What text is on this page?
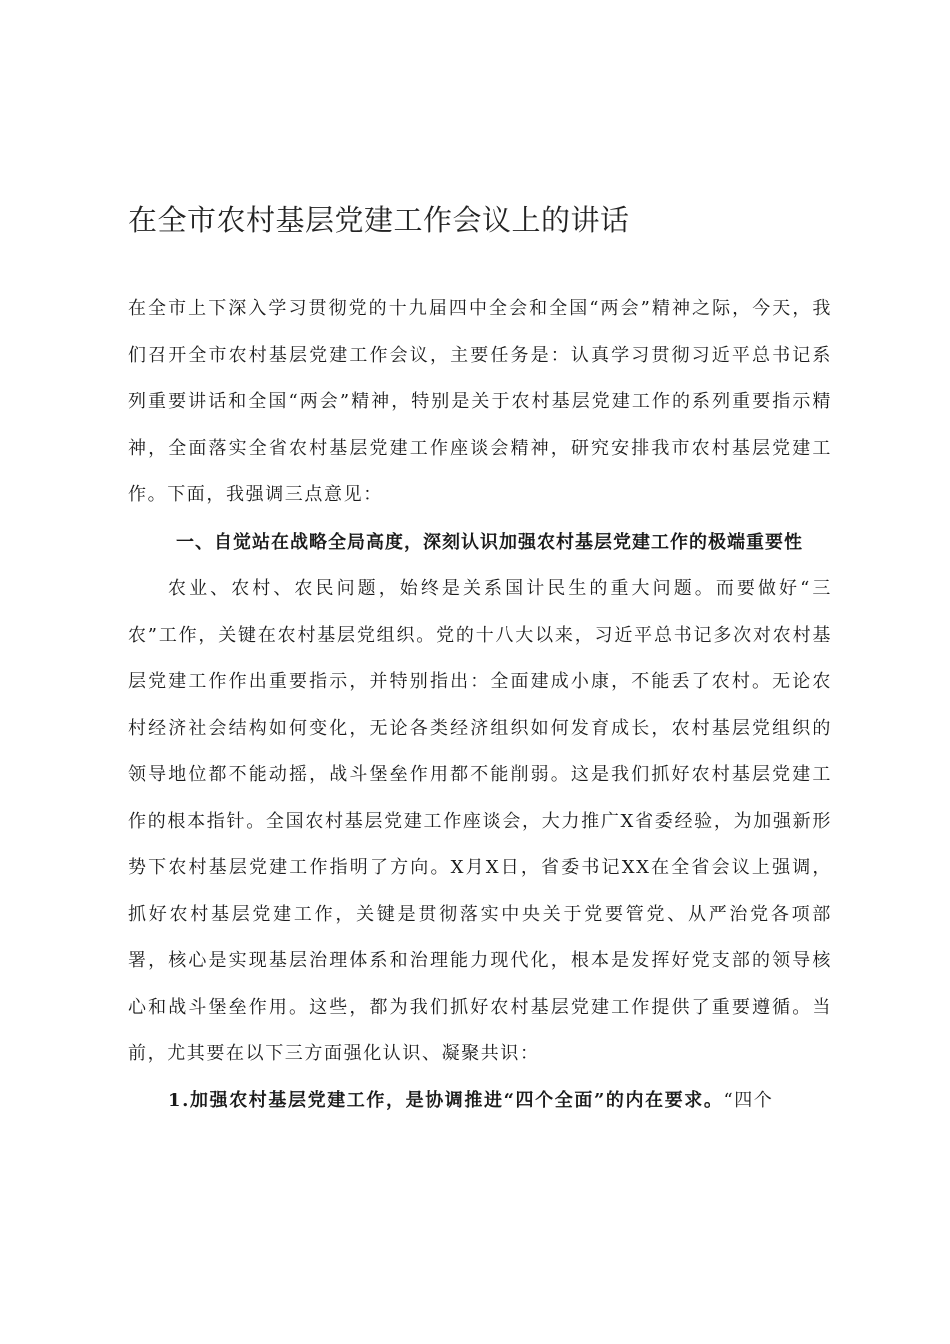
在全市农村基层党建工作会议上的讲话

在全市上下深入学习贯彻党的十九届四中全会和全国“两会”精神之际，今天，我们召开全市农村基层党建工作会议，主要任务是：认真学习贯彻习近平总书记系列重要讲话和全国“两会”精神，特别是关于农村基层党建工作的系列重要指示精神，全面落实全省农村基层党建工作座谈会精神，研究安排我市农村基层党建工作。下面，我强调三点意见：

一、自觉站在战略全局高度，深刻认识加强农村基层党建工作的极端重要性

农业、农村、农民问题，始终是关系国计民生的重大问题。而要做好“三农”工作，关键在农村基层党组织。党的十八大以来，习近平总书记多次对农村基层党建工作作出重要指示，并特别指出：全面建成小康，不能丢了农村。无论农村经济社会结构如何变化，无论各类经济组织如何发育成长，农村基层党组织的领导地位都不能动摇，战斗堡垒作用都不能削弱。这是我们抓好农村基层党建工作的根本指针。全国农村基层党建工作座谈会，大力推广X省委经验，为加强新形势下农村基层党建工作指明了方向。X月X日，省委书记XX在全省会议上强调，抓好农村基层党建工作，关键是贯彻落实中央关于党要管党、从严治党各项部署，核心是实现基层治理体系和治理能力现代化，根本是发挥好党支部的领导核心和战斗堡垒作用。这些，都为我们抓好农村基层党建工作提供了重要遵循。当前，尤其要在以下三方面强化认识、凝聚共识：

1.加强农村基层党建工作，是协调推进“四个全面”的内在要求。“四个
